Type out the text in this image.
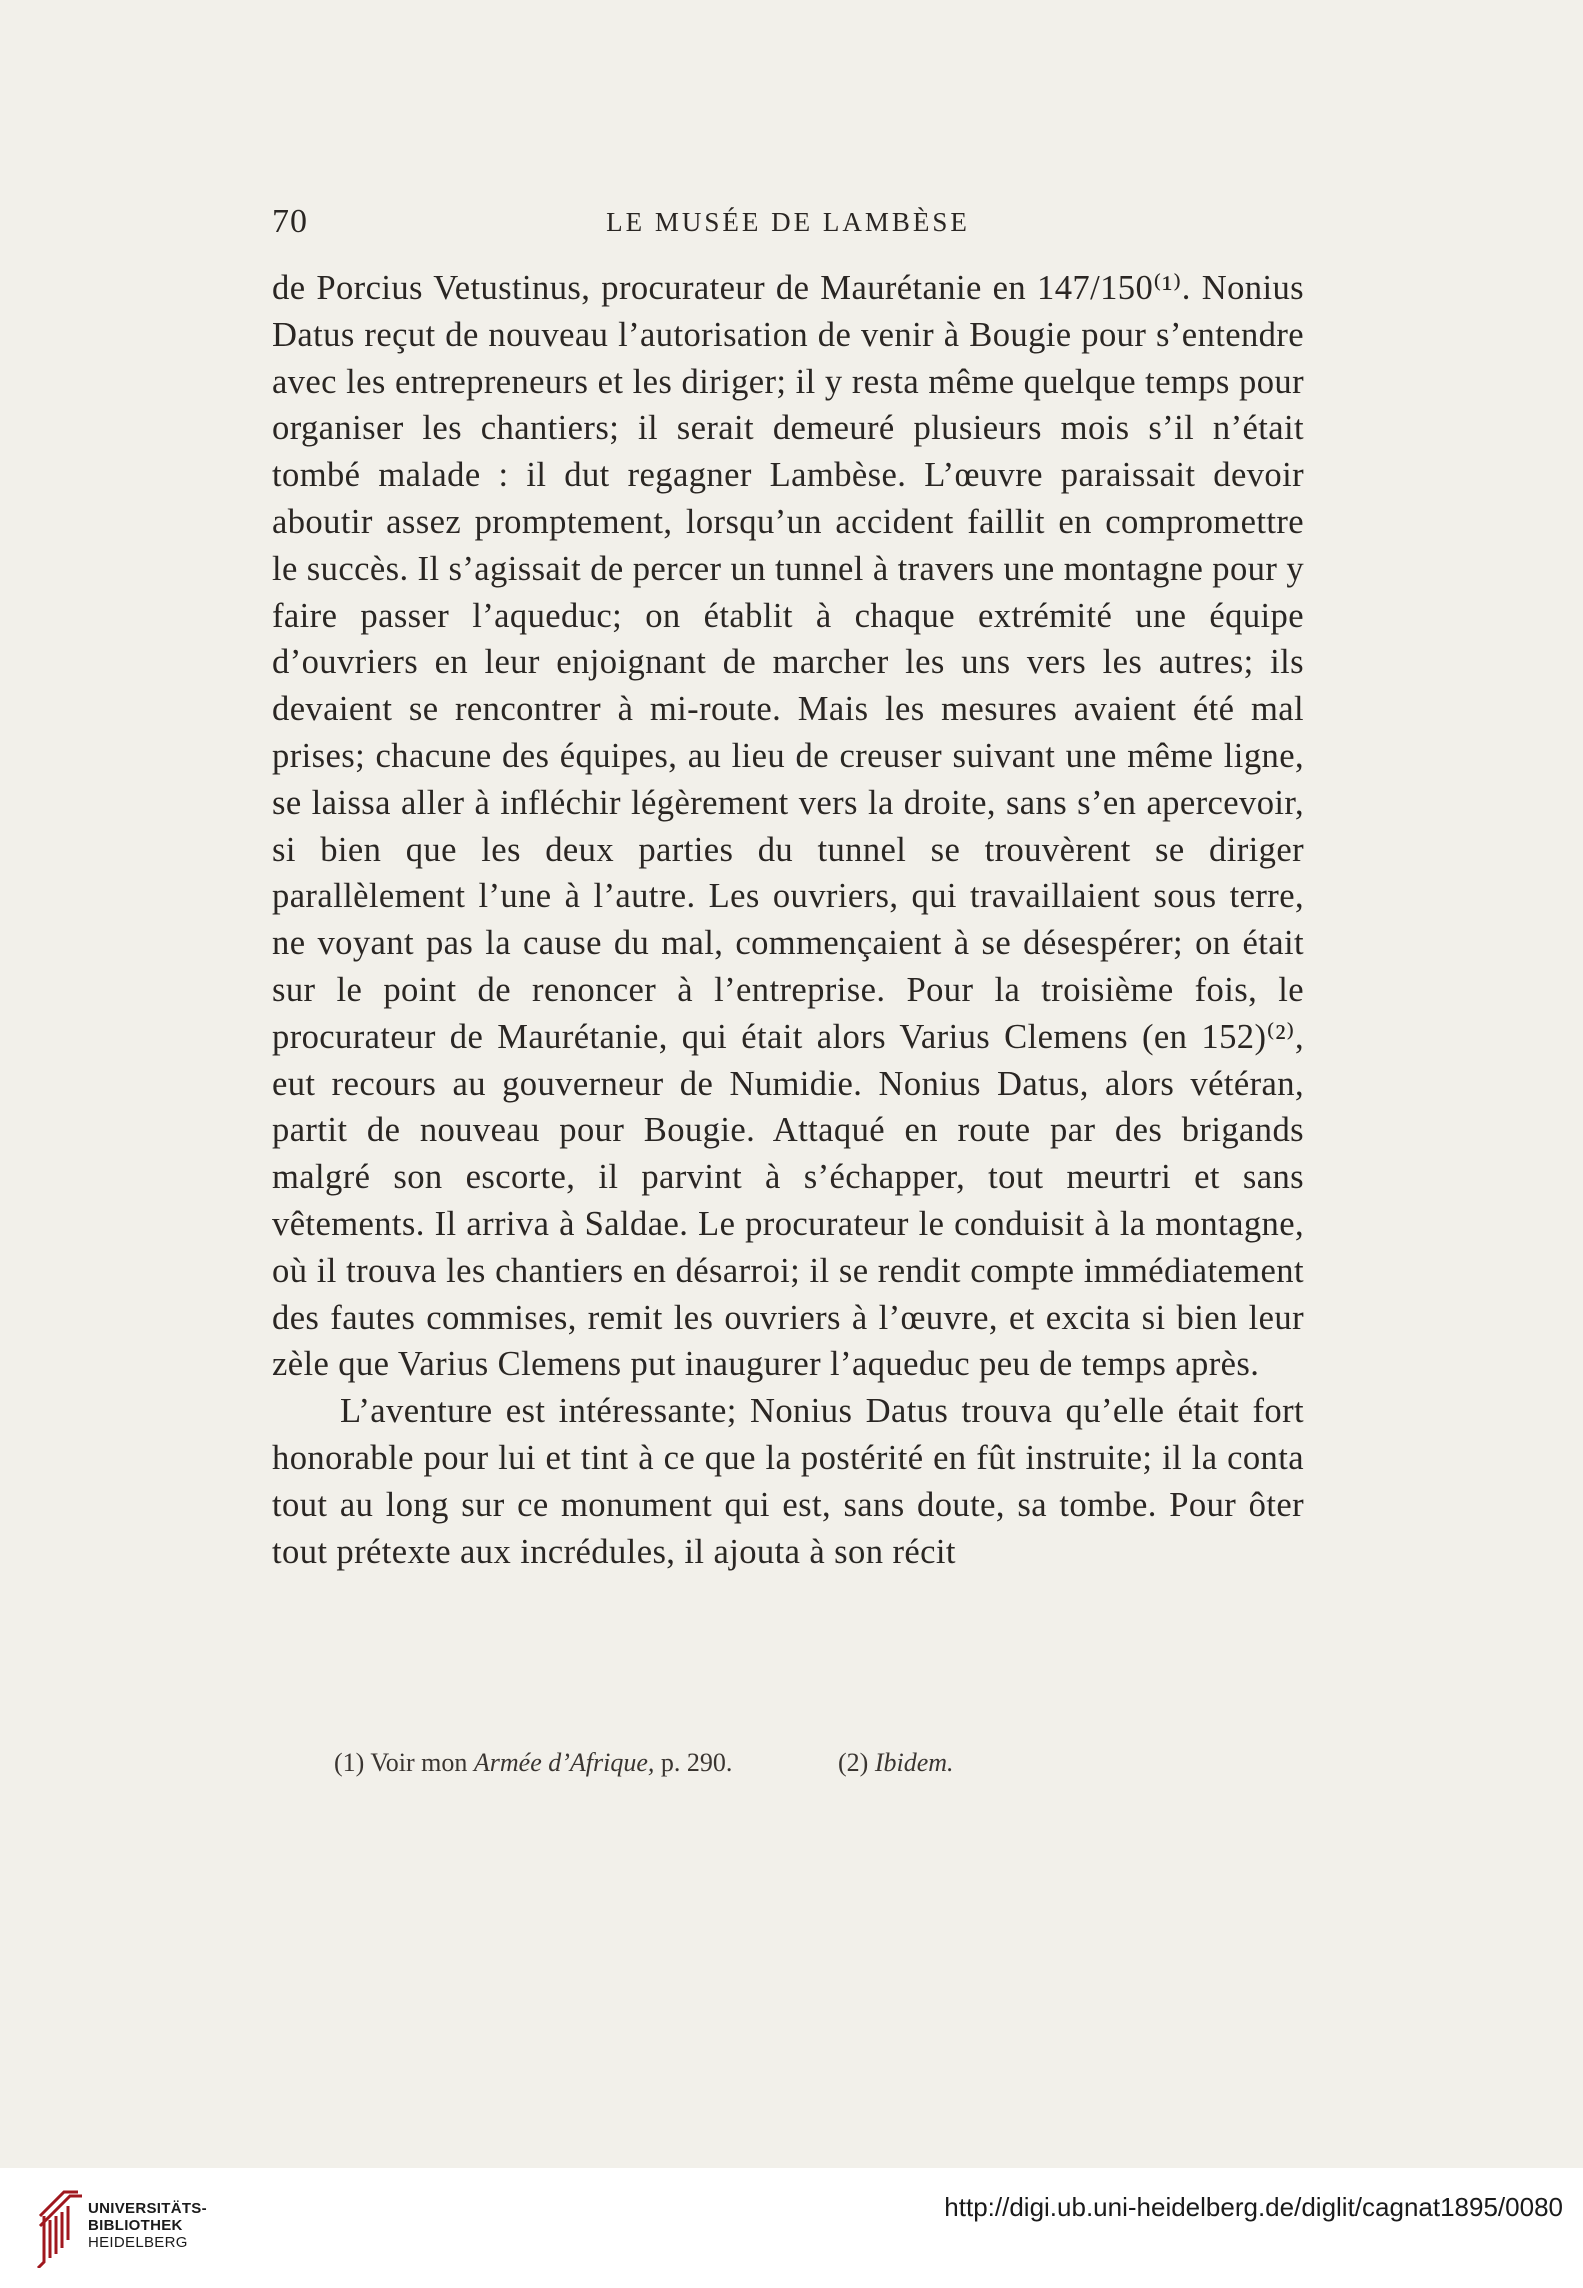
70	LE MUSÉE DE LAMBÈSE

de Porcius Vetustinus, procurateur de Maurétanie en 147/150⁽¹⁾. Nonius Datus reçut de nouveau l’autorisation de venir à Bougie pour s’entendre avec les entrepreneurs et les diriger; il y resta même quelque temps pour organiser les chantiers; il serait demeuré plusieurs mois s’il n’était tombé malade : il dut regagner Lambèse. L’œuvre paraissait devoir aboutir assez promptement, lorsqu’un accident faillit en compromettre le succès. Il s’agissait de percer un tunnel à travers une montagne pour y faire passer l’aqueduc; on établit à chaque extrémité une équipe d’ouvriers en leur enjoignant de marcher les uns vers les autres; ils devaient se rencontrer à mi-route. Mais les mesures avaient été mal prises; chacune des équipes, au lieu de creuser suivant une même ligne, se laissa aller à infléchir légèrement vers la droite, sans s’en apercevoir, si bien que les deux parties du tunnel se trouvèrent se diriger parallèlement l’une à l’autre. Les ouvriers, qui travaillaient sous terre, ne voyant pas la cause du mal, commençaient à se désespérer; on était sur le point de renoncer à l’entreprise. Pour la troisième fois, le procurateur de Maurétanie, qui était alors Varius Clemens (en 152)⁽²⁾, eut recours au gouverneur de Numidie. Nonius Datus, alors vétéran, partit de nouveau pour Bougie. Attaqué en route par des brigands malgré son escorte, il parvint à s’échapper, tout meurtri et sans vêtements. Il arriva à Saldae. Le procurateur le conduisit à la montagne, où il trouva les chantiers en désarroi; il se rendit compte immédiatement des fautes commises, remit les ouvriers à l’œuvre, et excita si bien leur zèle que Varius Clemens put inaugurer l’aqueduc peu de temps après.

L’aventure est intéressante; Nonius Datus trouva qu’elle était fort honorable pour lui et tint à ce que la postérité en fût instruite; il la conta tout au long sur ce monument qui est, sans doute, sa tombe. Pour ôter tout prétexte aux incrédules, il ajouta à son récit

(1) Voir mon Armée d’Afrique, p. 290.	(2) Ibidem.
UNIVERSITÄTS-
BIBLIOTHEK
HEIDELBERG
http://digi.ub.uni-heidelberg.de/diglit/cagnat1895/0080
